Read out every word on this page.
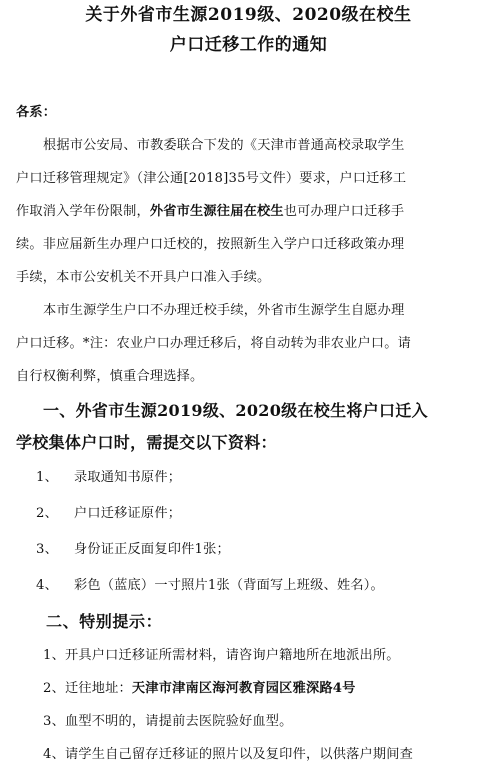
关于外省市生源2019级、2020级在校生
户口迁移工作的通知
各系：
根据市公安局、市教委联合下发的《天津市普通高校录取学生
户口迁移管理规定》（津公通[2018]35号文件）要求，户口迁移工
作取消入学年份限制，外省市生源往届在校生也可办理户口迁移手
续。非应届新生办理户口迁校的，按照新生入学户口迁移政策办理
手续，本市公安机关不开具户口准入手续。
本市生源学生户口不办理迁校手续，外省市生源学生自愿办理
户口迁移。*注：农业户口办理迁移后，将自动转为非农业户口。请
自行权衡利弊，慎重合理选择。
一、外省市生源2019级、2020级在校生将户口迁入
学校集体户口时，需提交以下资料：
1、 录取通知书原件；
2、 户口迁移证原件；
3、 身份证正反面复印件1张；
4、 彩色（蓝底）一寸照片1张（背面写上班级、姓名）。
二、特别提示：
1、开具户口迁移证所需材料，请咨询户籍地所在地派出所。
2、迁往地址：天津市津南区海河教育园区雅深路4号
3、血型不明的，请提前去医院验好血型。
4、请学生自己留存迁移证的照片以及复印件，以供落户期间查
